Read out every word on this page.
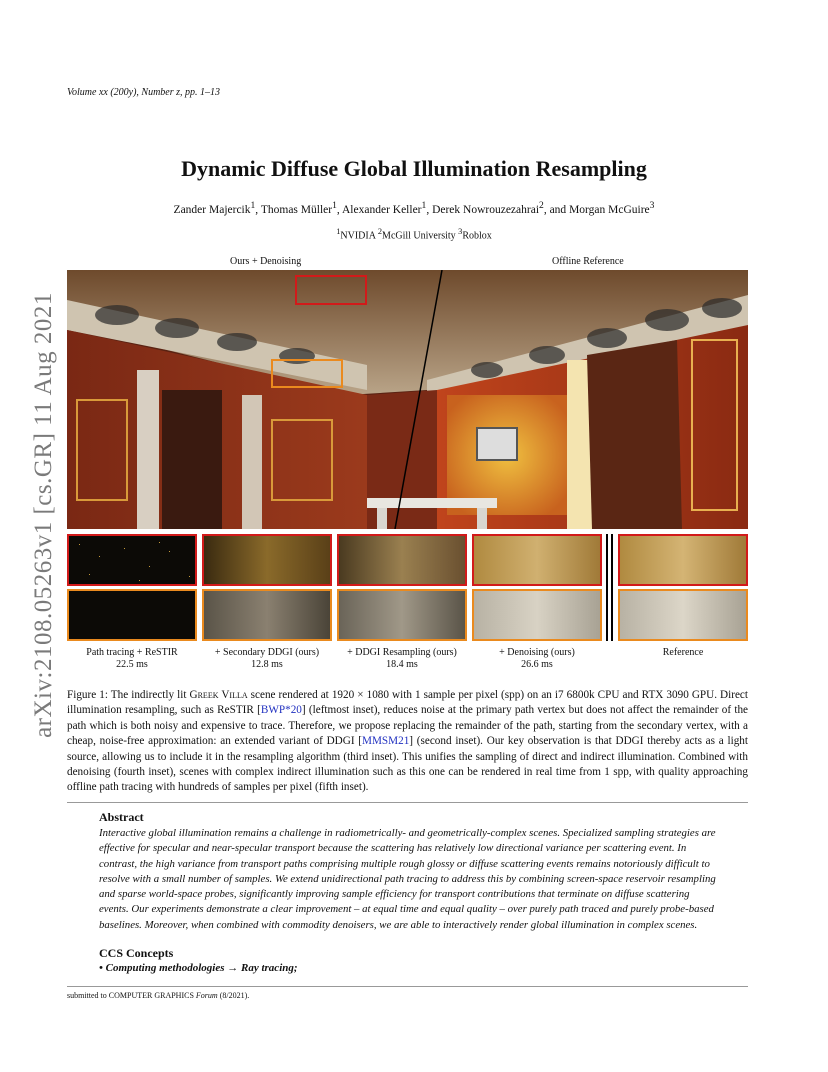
Volume xx (200y), Number z, pp. 1–13
Dynamic Diffuse Global Illumination Resampling
Zander Majercik$^1$, Thomas Müller$^1$, Alexander Keller$^1$, Derek Nowrouzezahrai$^2$, and Morgan McGuire$^3$
$^1$NVIDIA $^2$McGill University $^3$Roblox
arXiv:2108.05263v1 [cs.GR] 11 Aug 2021
Ours + Denoising	Offline Reference
Path tracing + ReSTIR
22.5 ms
+ Secondary DDGI (ours)
12.8 ms
+ DDGI Resampling (ours)
18.4 ms
+ Denoising (ours)
26.6 ms
Reference
Figure 1: The indirectly lit Greek Villa scene rendered at 1920 × 1080 with 1 sample per pixel (spp) on an i7 6800k CPU and RTX 3090 GPU. Direct illumination resampling, such as ReSTIR [BWP*20] (leftmost inset), reduces noise at the primary path vertex but does not affect the remainder of the path which is both noisy and expensive to trace. Therefore, we propose replacing the remainder of the path, starting from the secondary vertex, with a cheap, noise-free approximation: an extended variant of DDGI [MMSM21] (second inset). Our key observation is that DDGI thereby acts as a light source, allowing us to include it in the resampling algorithm (third inset). This unifies the sampling of direct and indirect illumination. Combined with denoising (fourth inset), scenes with complex indirect illumination such as this one can be rendered in real time from 1 spp, with quality approaching offline path tracing with hundreds of samples per pixel (fifth inset).
Abstract
Interactive global illumination remains a challenge in radiometrically- and geometrically-complex scenes. Specialized sampling strategies are effective for specular and near-specular transport because the scattering has relatively low directional variance per scattering event. In contrast, the high variance from transport paths comprising multiple rough glossy or diffuse scattering events remains notoriously difficult to resolve with a small number of samples. We extend unidirectional path tracing to address this by combining screen-space reservoir resampling and sparse world-space probes, significantly improving sample efficiency for transport contributions that terminate on diffuse scattering events. Our experiments demonstrate a clear improvement – at equal time and equal quality – over purely path traced and purely probe-based baselines. Moreover, when combined with commodity denoisers, we are able to interactively render global illumination in complex scenes.
CCS Concepts
• Computing methodologies → Ray tracing;
submitted to COMPUTER GRAPHICS Forum (8/2021).
